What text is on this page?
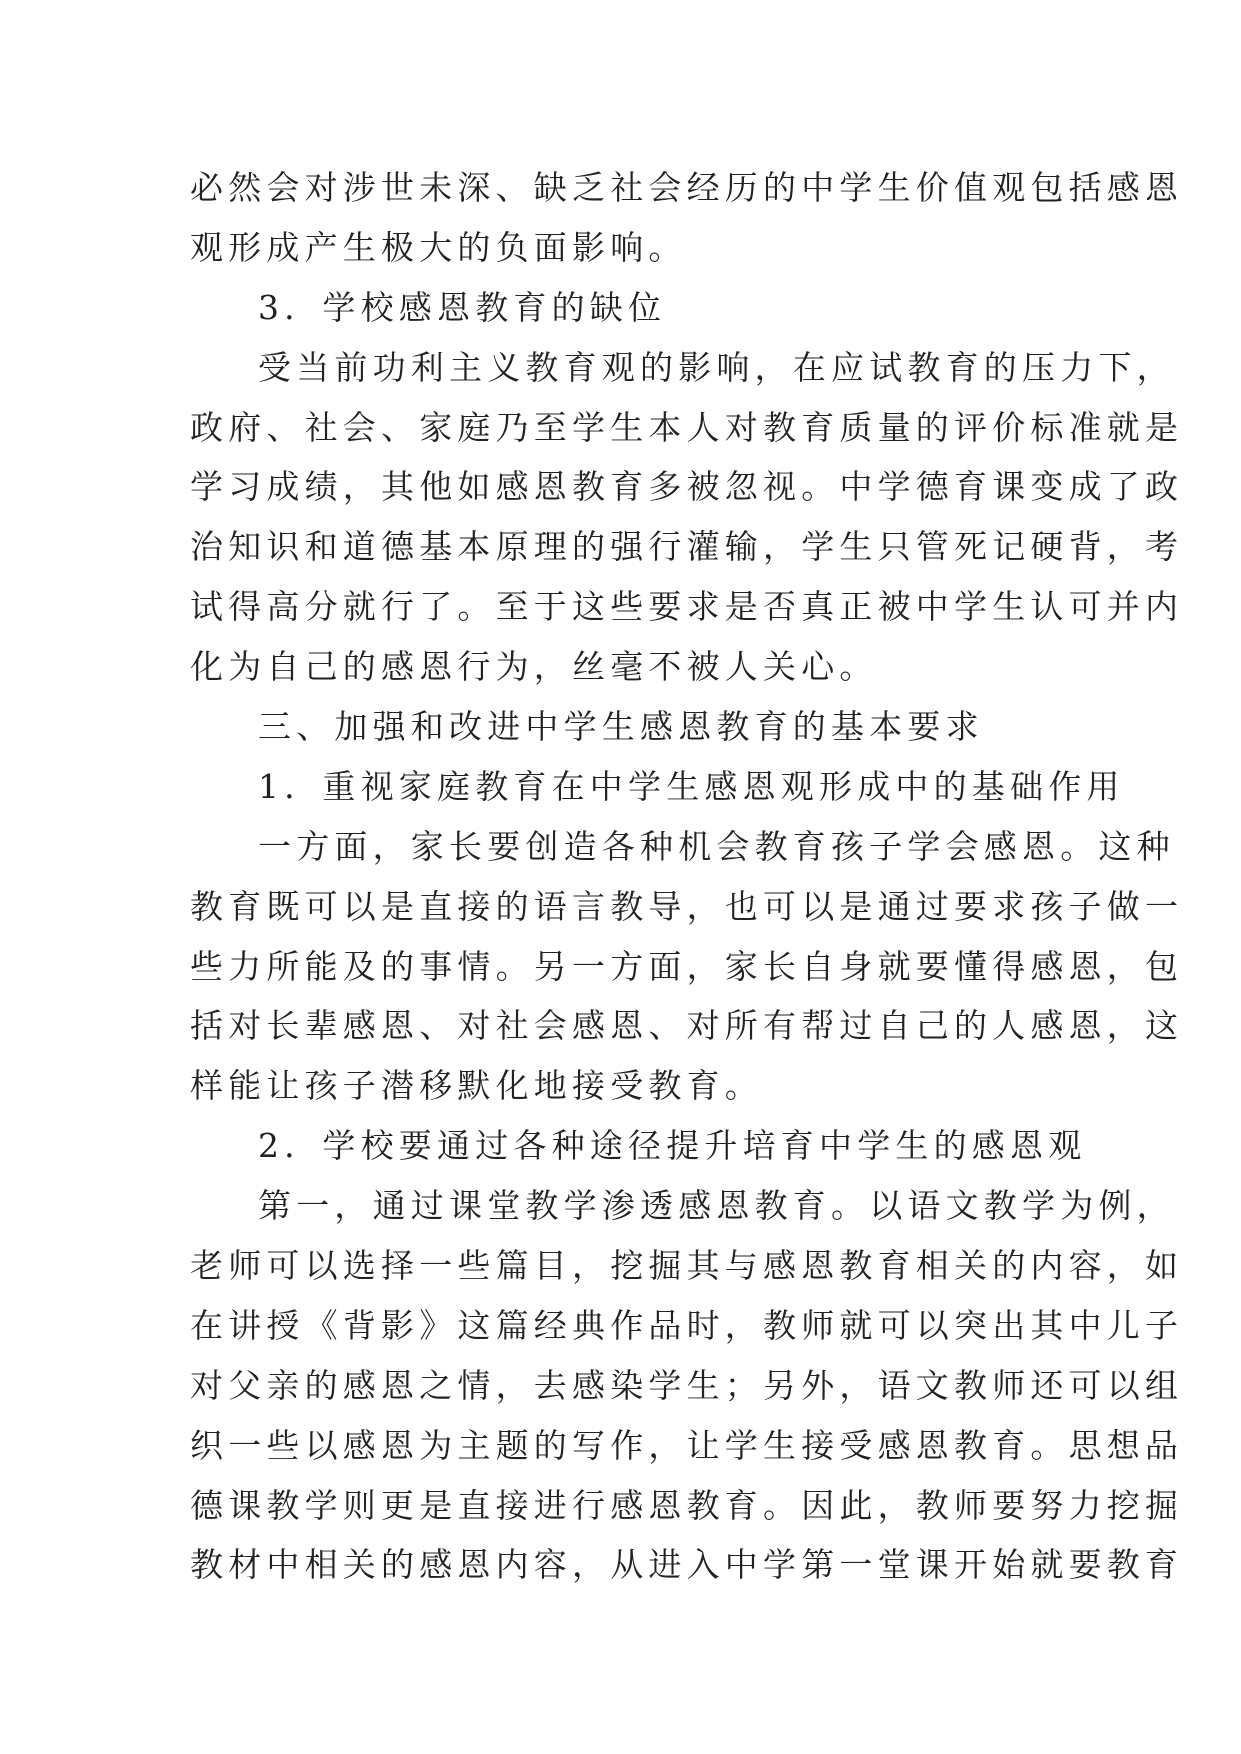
必然会对涉世未深、缺乏社会经历的中学生价值观包括感恩
观形成产生极大的负面影响。
3．学校感恩教育的缺位
受当前功利主义教育观的影响，在应试教育的压力下，
政府、社会、家庭乃至学生本人对教育质量的评价标准就是
学习成绩，其他如感恩教育多被忽视。中学德育课变成了政
治知识和道德基本原理的强行灌输，学生只管死记硬背，考
试得高分就行了。至于这些要求是否真正被中学生认可并内
化为自己的感恩行为，丝毫不被人关心。
三、加强和改进中学生感恩教育的基本要求
1．重视家庭教育在中学生感恩观形成中的基础作用
一方面，家长要创造各种机会教育孩子学会感恩。这种
教育既可以是直接的语言教导，也可以是通过要求孩子做一
些力所能及的事情。另一方面，家长自身就要懂得感恩，包
括对长辈感恩、对社会感恩、对所有帮过自己的人感恩，这
样能让孩子潜移默化地接受教育。
2．学校要通过各种途径提升培育中学生的感恩观
第一，通过课堂教学渗透感恩教育。以语文教学为例，
老师可以选择一些篇目，挖掘其与感恩教育相关的内容，如
在讲授《背影》这篇经典作品时，教师就可以突出其中儿子
对父亲的感恩之情，去感染学生；另外，语文教师还可以组
织一些以感恩为主题的写作，让学生接受感恩教育。思想品
德课教学则更是直接进行感恩教育。因此，教师要努力挖掘
教材中相关的感恩内容，从进入中学第一堂课开始就要教育
